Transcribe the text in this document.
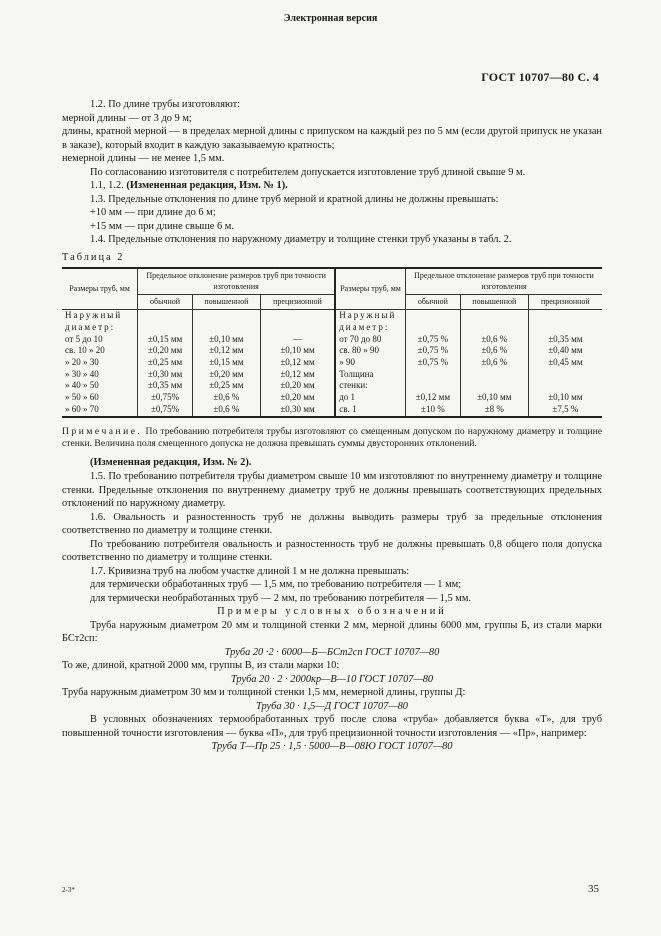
Электронная версия
ГОСТ 10707—80 С. 4

1.2. По длине трубы изготовляют:

мерной длины — от 3 до 9 м;

длины, кратной мерной — в пределах мерной длины с припуском на каждый рез по 5 мм (если другой припуск не указан в заказе), который входит в каждую заказываемую кратность;

немерной длины — не менее 1,5 мм.

По согласованию изготовителя с потребителем допускается изготовление труб длиной свыше 9 м.

1.1, 1.2. (Измененная редакция, Изм. № 1).

1.3. Предельные отклонения по длине труб мерной и кратной длины не должны превышать:

+10 мм — при длине до 6 м;

+15 мм — при длине свыше 6 м.

1.4. Предельные отклонения по наружному диаметру и толщине стенки труб указаны в табл. 2.

Таблица 2

Размеры труб, мм	Предельное отклонение размеров труб при точности изготовления			Размеры труб, мм	Предельное отклонение размеров труб при точности изготовления		
	обычной	повышенной	прецизионной		обычной	повышенной	прецизионной
Наружный				Наружный			
диаметр:				диаметр:			
от 5 до 10	±0,15 мм	±0,10 мм	—	от 70 до 80	±0,75 %	±0,6 %	±0,35 мм
св. 10 » 20	±0,20 мм	±0,12 мм	±0,10 мм	св. 80 » 90	±0,75 %	±0,6 %	±0,40 мм
» 20 » 30	±0,25 мм	±0,15 мм	±0,12 мм	» 90	±0,75 %	±0,6 %	±0,45 мм
» 30 » 40	±0,30 мм	±0,20 мм	±0,12 мм	Толщина			
» 40 » 50	±0,35 мм	±0,25 мм	±0,20 мм	стенки:			
» 50 » 60	±0,75%	±0,6 %	±0,20 мм	до 1	±0,12 мм	±0,10 мм	±0,10 мм
» 60 » 70	±0,75%	±0,6 %	±0,30 мм	св. 1	±10 %	±8 %	±7,5 %

Примечание. По требованию потребителя трубы изготовляют со смещенным допуском по наружному диаметру и толщине стенки. Величина поля смещенного допуска не должна превышать суммы двусторонних отклонений.

(Измененная редакция, Изм. № 2).

1.5. По требованию потребителя трубы диаметром свыше 10 мм изготовляют по внутреннему диаметру и толщине стенки. Предельные отклонения по внутреннему диаметру труб не должны превышать соответствующих предельных отклонений по наружному диаметру.

1.6. Овальность и разностенность труб не должны выводить размеры труб за предельные отклонения соответственно по диаметру и толщине стенки.

По требованию потребителя овальность и разностенность труб не должны превышать 0,8 общего поля допуска соответственно по диаметру и толщине стенки.

1.7. Кривизна труб на любом участке длиной 1 м не должна превышать:

для термически обработанных труб — 1,5 мм, по требованию потребителя — 1 мм;

для термически необработанных труб — 2 мм, по требованию потребителя — 1,5 мм.

Примеры условных обозначений

Труба наружным диаметром 20 мм и толщиной стенки 2 мм, мерной длины 6000 мм, группы Б, из стали марки БСт2сп:

Труба 20 ·2 · 6000—Б—БСт2сп ГОСТ 10707—80

То же, длиной, кратной 2000 мм, группы В, из стали марки 10:

Труба 20 · 2 · 2000кр—В—10 ГОСТ 10707—80

Труба наружным диаметром 30 мм и толщиной стенки 1,5 мм, немерной длины, группы Д:

Труба 30 · 1,5—Д ГОСТ 10707—80

В условных обозначениях термообработанных труб после слова «труба» добавляется буква «Т», для труб повышенной точности изготовления — буква «П», для труб прецизионной точности изготовления — «Пр», например:

Труба Т—Пр 25 · 1,5 · 5000—В—08Ю ГОСТ 10707—80

2-3*	35
